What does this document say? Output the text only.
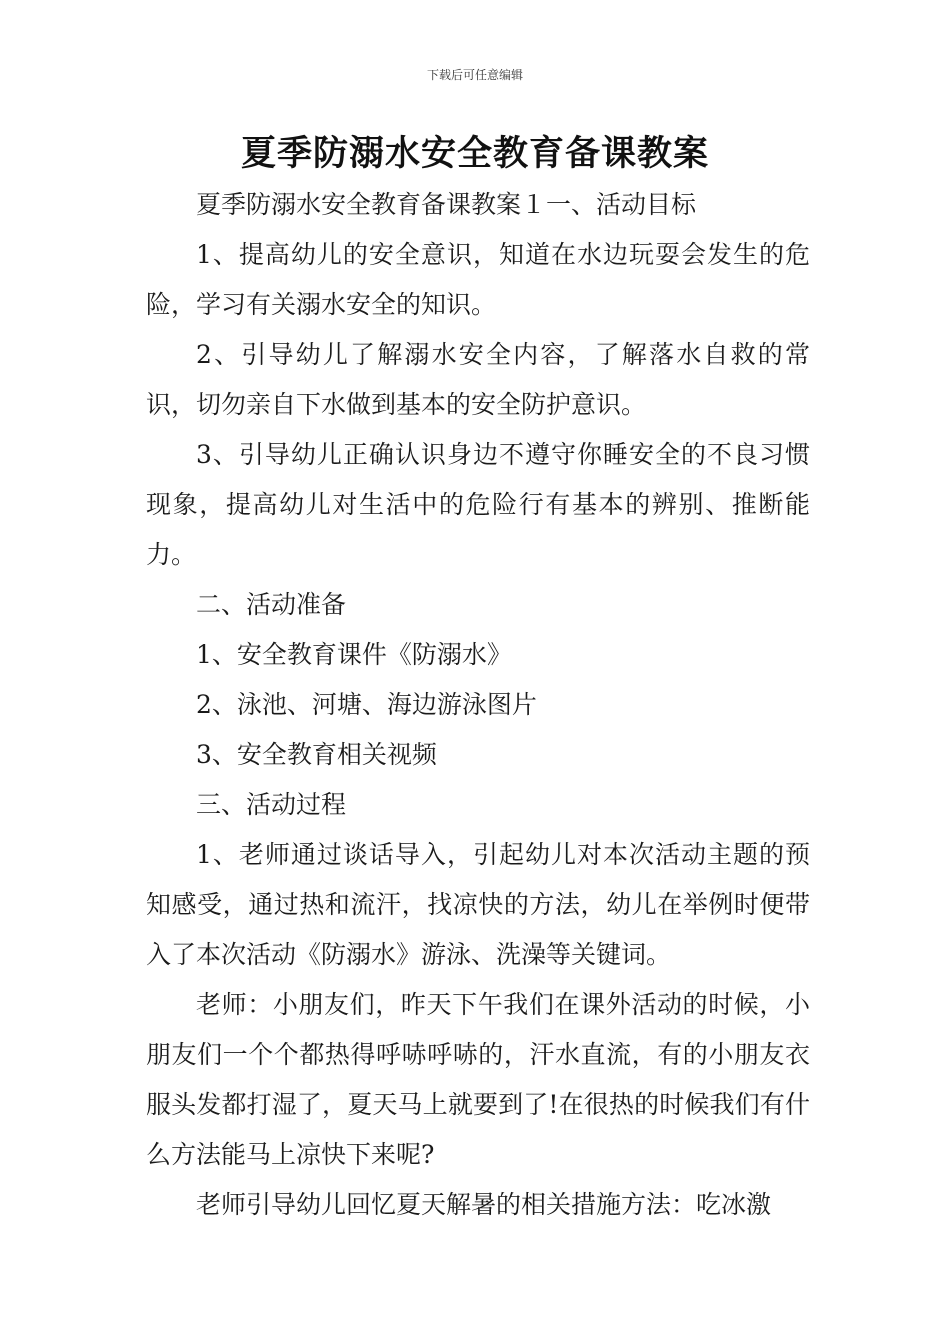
下载后可任意编辑
夏季防溺水安全教育备课教案

夏季防溺水安全教育备课教案１一、活动目标

1、提高幼儿的安全意识，知道在水边玩耍会发生的危险，学习有关溺水安全的知识。

2、引导幼儿了解溺水安全内容，了解落水自救的常识，切勿亲自下水做到基本的安全防护意识。

3、引导幼儿正确认识身边不遵守你睡安全的不良习惯现象，提高幼儿对生活中的危险行有基本的辨别、推断能力。

二、活动准备

1、安全教育课件《防溺水》

2、泳池、河塘、海边游泳图片

3、安全教育相关视频

三、活动过程

1、老师通过谈话导入，引起幼儿对本次活动主题的预知感受，通过热和流汗，找凉快的方法，幼儿在举例时便带入了本次活动《防溺水》游泳、洗澡等关键词。

老师：小朋友们，昨天下午我们在课外活动的时候，小朋友们一个个都热得呼哧呼哧的，汗水直流，有的小朋友衣服头发都打湿了，夏天马上就要到了!在很热的时候我们有什么方法能马上凉快下来呢?

老师引导幼儿回忆夏天解暑的相关措施方法：吃冰激
